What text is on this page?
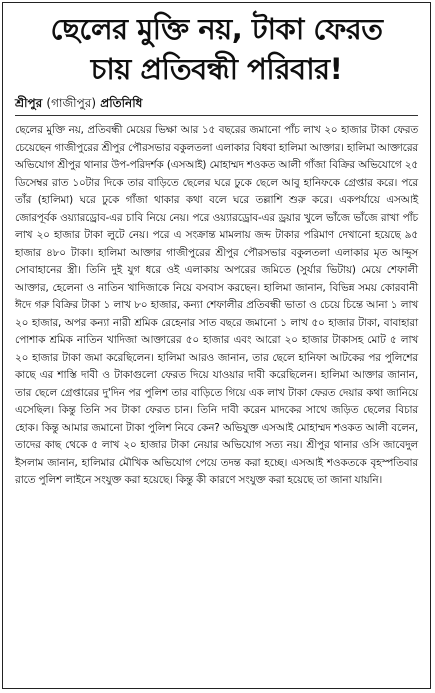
ছেলের মুক্তি নয়, টাকা ফেরত
চায় প্রতিবন্ধী পরিবার!
শ্রীপুর (গাজীপুর) প্রতিনিধি
ছেলের মুক্তি নয়, প্রতিবন্ধী মেয়ের ভিক্ষা আর ১৫ বছরের জমানো পাঁচ লাখ ২০ হাজার টাকা ফেরত চেয়েছেন গাজীপুরের শ্রীপুর পৌরসভার বকুলতলা এলাকার বিধবা হালিমা আক্তার। হালিমা আক্তারের অভিযোগ শ্রীপুর থানার উপ-পরিদর্শক (এসআই) মোহাম্মদ শওকত আলী গাঁজা বিক্রির অভিযোগে ২৫ ডিসেম্বর রাত ১০টার দিকে তার বাড়িতে ছেলের ঘরে ঢুকে ছেলে আবু হানিফকে গ্রেপ্তার করে। পরে তাঁর (হালিমা) ঘরে ঢুকে গাঁজা থাকার কথা বলে ঘরে তল্লাশি শুরু করে। একপর্যায়ে এসআই জোরপূর্বক ওয়্যারড্রোব-এর চাবি নিয়ে নেয়। পরে ওয়্যারড্রোব-এর ড্রয়ার খুলে ভাঁজে ভাঁজে রাখা পাঁচ লাখ ২০ হাজার টাকা লুটে নেয়। পরে এ সংক্রান্ত মামলায় জব্দ টাকার পরিমাণ দেখানো হয়েছে ৯৫ হাজার ৪৮০ টাকা। হালিমা আক্তার গাজীপুরের শ্রীপুর পৌরসভার বকুলতলা এলাকার মৃত আব্দুস সোবাহানের স্ত্রী। তিনি দুই যুগ ধরে ওই এলাকায় অপরের জমিতে (সুর্যার ভিটায়) মেয়ে শেফালী আক্তার, হেলেনা ও নাতিন খাদিজাকে নিয়ে বসবাস করছেন। হালিমা জানান, বিভিন্ন সময় কোরবানী ঈদে গরু বিক্রির টাকা ১ লাখ ৮০ হাজার, কন্যা শেফালীর প্রতিবন্ধী ভাতা ও চেয়ে চিন্তে আনা ১ লাখ ২০ হাজার, অপর কন্যা নারী শ্রমিক রেহেনার সাত বছরে জমানো ১ লাখ ৫০ হাজার টাকা, বাবাহারা পোশাক শ্রমিক নাতিন খাদিজা আক্তারের ৫০ হাজার এবং আরো ২০ হাজার টাকাসহ মোট ৫ লাখ ২০ হাজার টাকা জমা করেছিলেন। হালিমা আরও জানান, তার ছেলে হানিফা আটকের পর পুলিশের কাছে এর শাস্তি দাবী ও টাকাগুলো ফেরত দিয়ে যাওয়ার দাবী করেছিলেন। হালিমা আক্তার জানান, তার ছেলে গ্রেপ্তারের দু'দিন পর পুলিশ তার বাড়িতে গিয়ে এক লাখ টাকা ফেরত দেয়ার কথা জানিয়ে এসেছিল। কিন্তু তিনি সব টাকা ফেরত চান। তিনি দাবী করেন মাদকের সাথে জড়িত ছেলের বিচার হোক। কিন্তু আমার জমানো টাকা পুলিশ নিবে কেন? অভিযুক্ত এসআই মোহাম্মদ শওকত আলী বলেন, তাদের কাছ থেকে ৫ লাখ ২০ হাজার টাকা নেয়ার অভিযোগ সত্য নয়। শ্রীপুর থানার ওসি জাবেদুল ইসলাম জানান, হালিমার মৌখিক অভিযোগ পেয়ে তদন্ত করা হচ্ছে। এসআই শওকতকে বৃহস্পতিবার রাতে পুলিশ লাইনে সংযুক্ত করা হয়েছে। কিন্তু কী কারণে সংযুক্ত করা হয়েছে তা জানা যায়নি।
